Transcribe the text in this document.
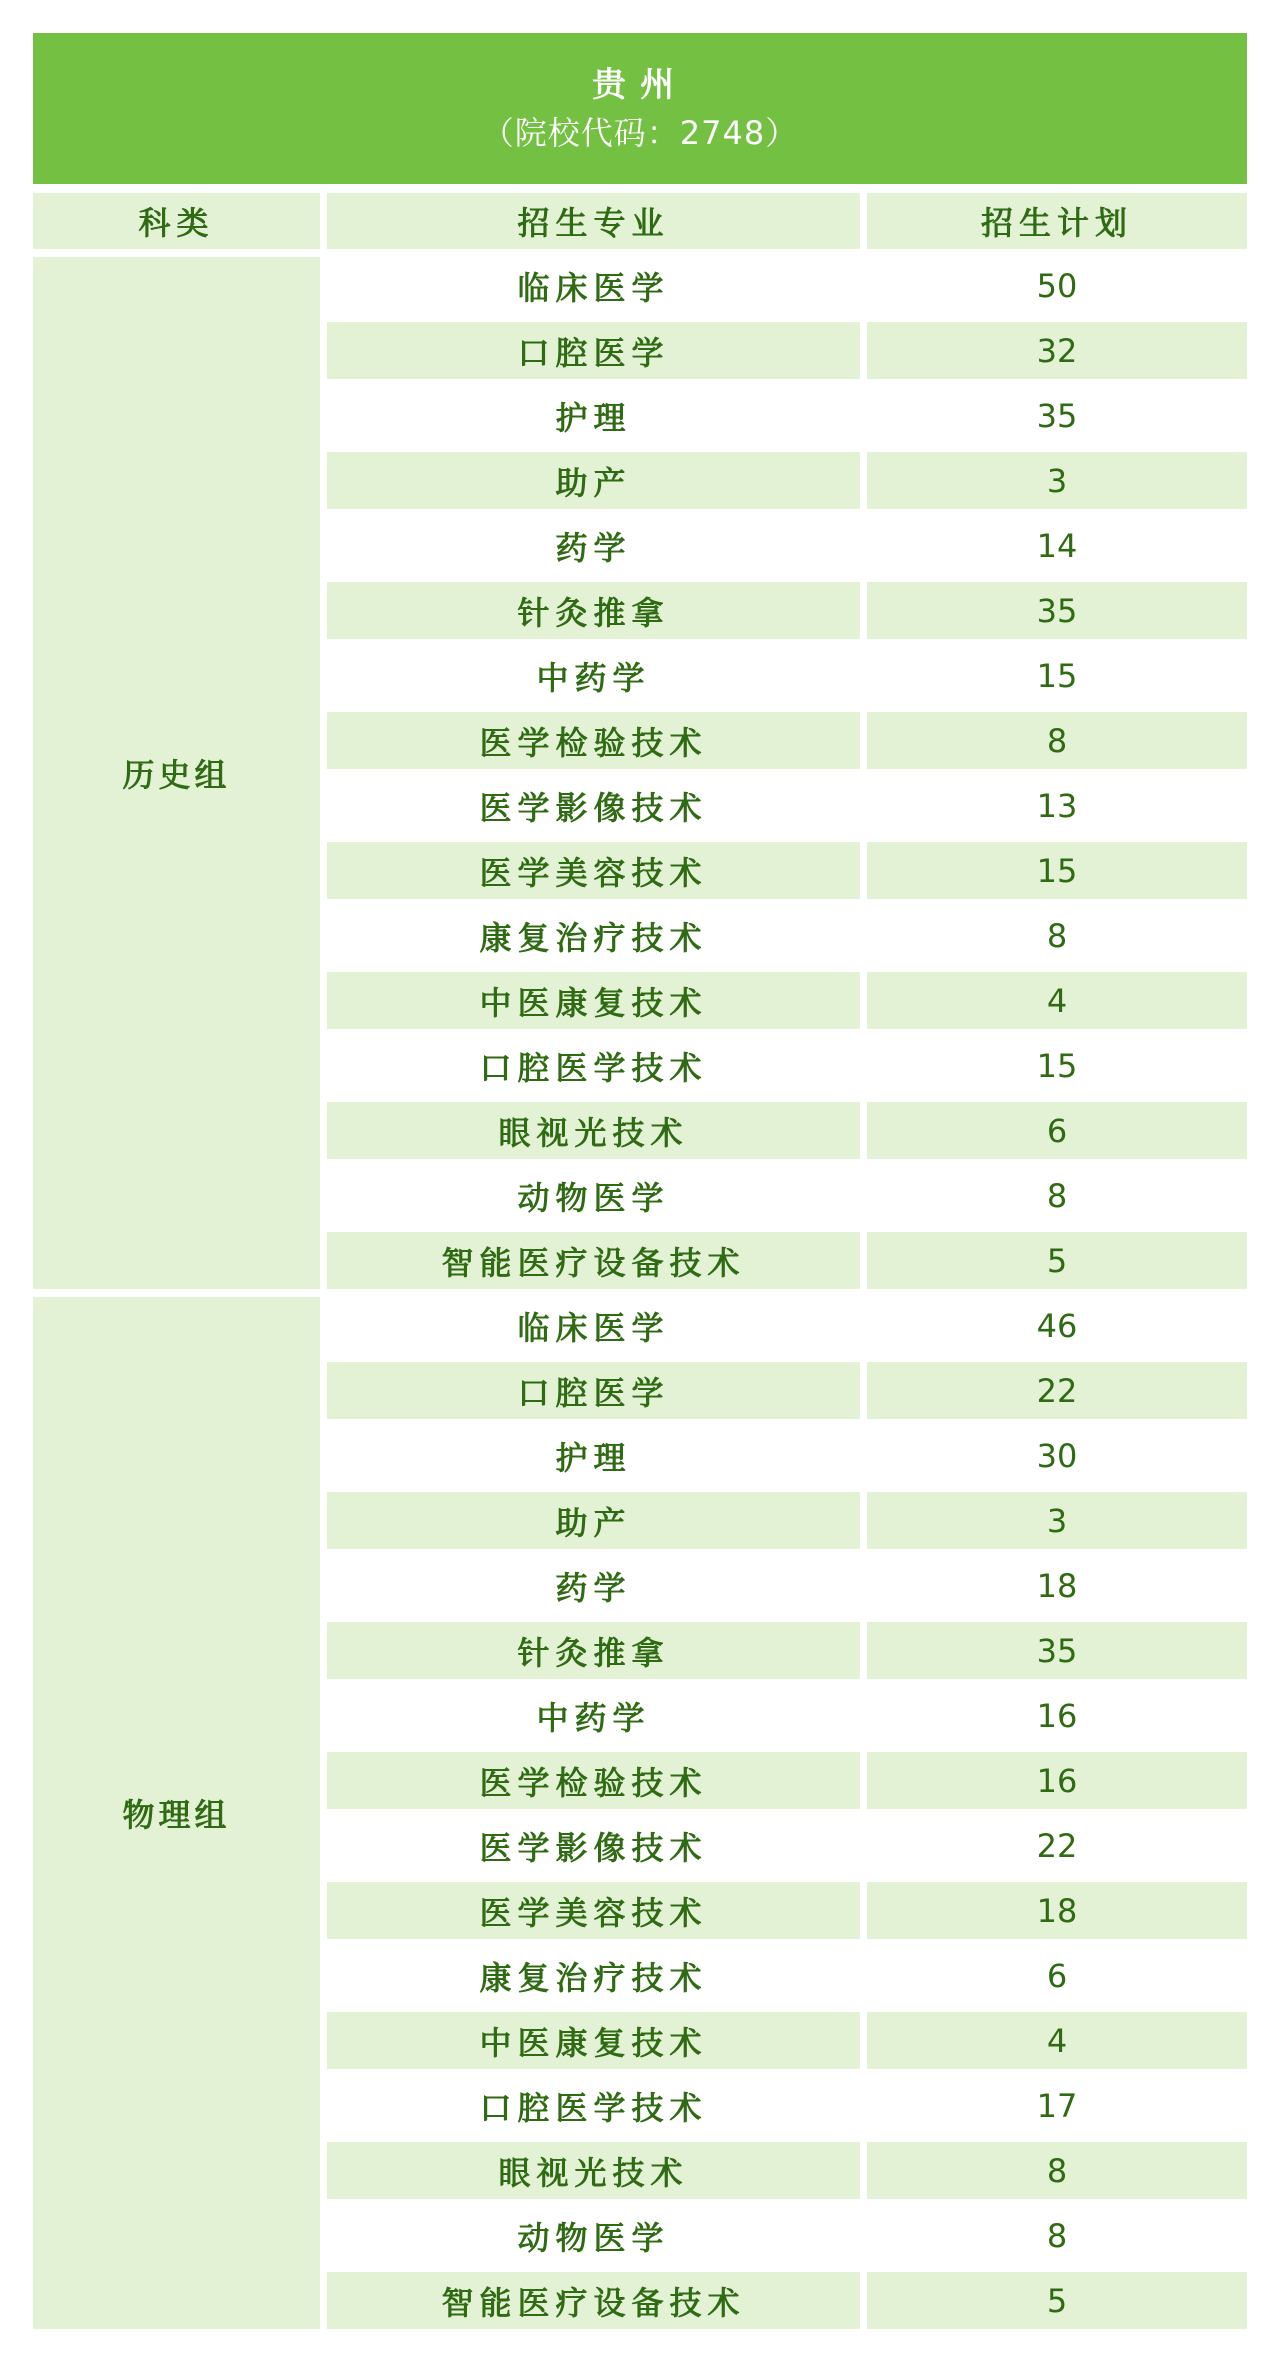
贵州
（院校代码：2748）
科类	招生专业	招生计划
历史组
临床医学	50
口腔医学	32
护理	35
助产	3
药学	14
针灸推拿	35
中药学	15
医学检验技术	8
医学影像技术	13
医学美容技术	15
康复治疗技术	8
中医康复技术	4
口腔医学技术	15
眼视光技术	6
动物医学	8
智能医疗设备技术	5
物理组
临床医学	46
口腔医学	22
护理	30
助产	3
药学	18
针灸推拿	35
中药学	16
医学检验技术	16
医学影像技术	22
医学美容技术	18
康复治疗技术	6
中医康复技术	4
口腔医学技术	17
眼视光技术	8
动物医学	8
智能医疗设备技术	5
